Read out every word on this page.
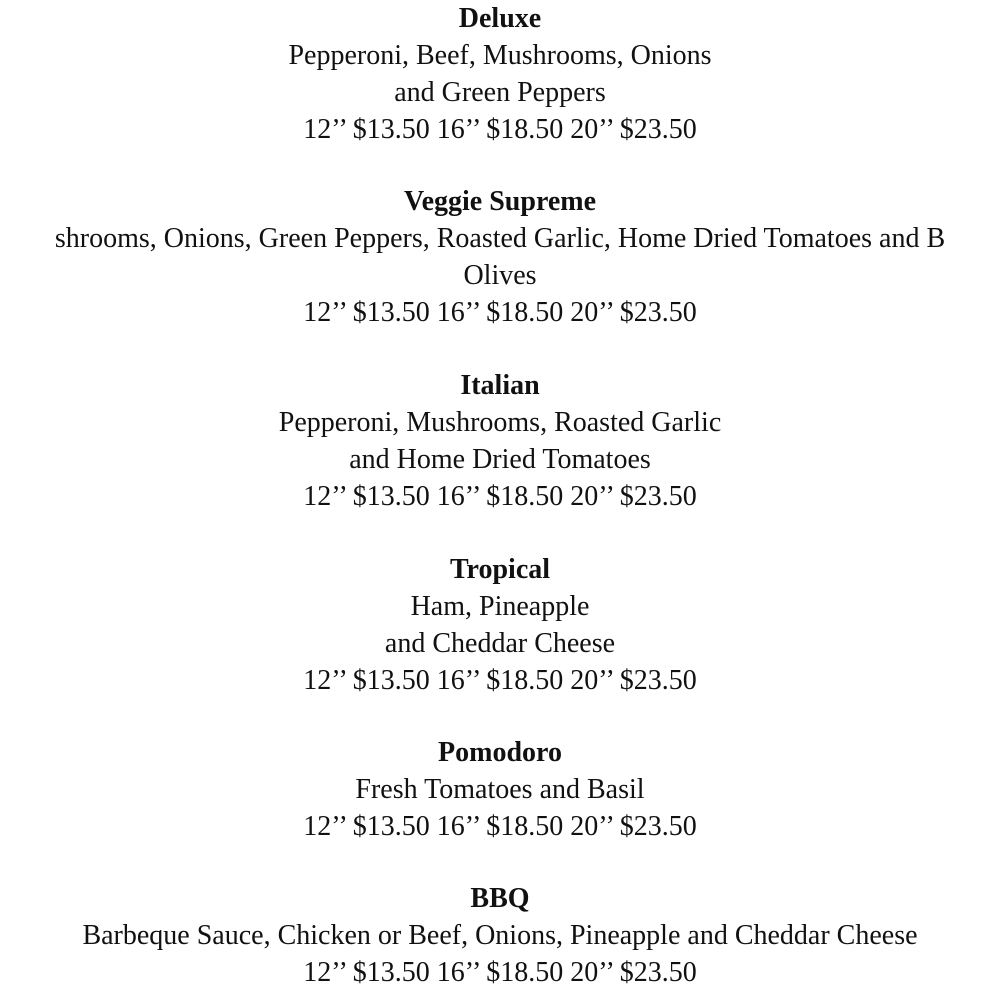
Deluxe
Pepperoni, Beef, Mushrooms, Onions
and Green Peppers
12’’ $13.50 16’’ $18.50 20’’ $23.50
Veggie Supreme
shrooms, Onions, Green Peppers, Roasted Garlic, Home Dried Tomatoes and B
Olives
12’’ $13.50 16’’ $18.50 20’’ $23.50
Italian
Pepperoni, Mushrooms, Roasted Garlic
and Home Dried Tomatoes
12’’ $13.50 16’’ $18.50 20’’ $23.50
Tropical
Ham, Pineapple
and Cheddar Cheese
12’’ $13.50 16’’ $18.50 20’’ $23.50
Pomodoro
Fresh Tomatoes and Basil
12’’ $13.50 16’’ $18.50 20’’ $23.50
BBQ
Barbeque Sauce, Chicken or Beef, Onions, Pineapple and Cheddar Cheese
12’’ $13.50 16’’ $18.50 20’’ $23.50
